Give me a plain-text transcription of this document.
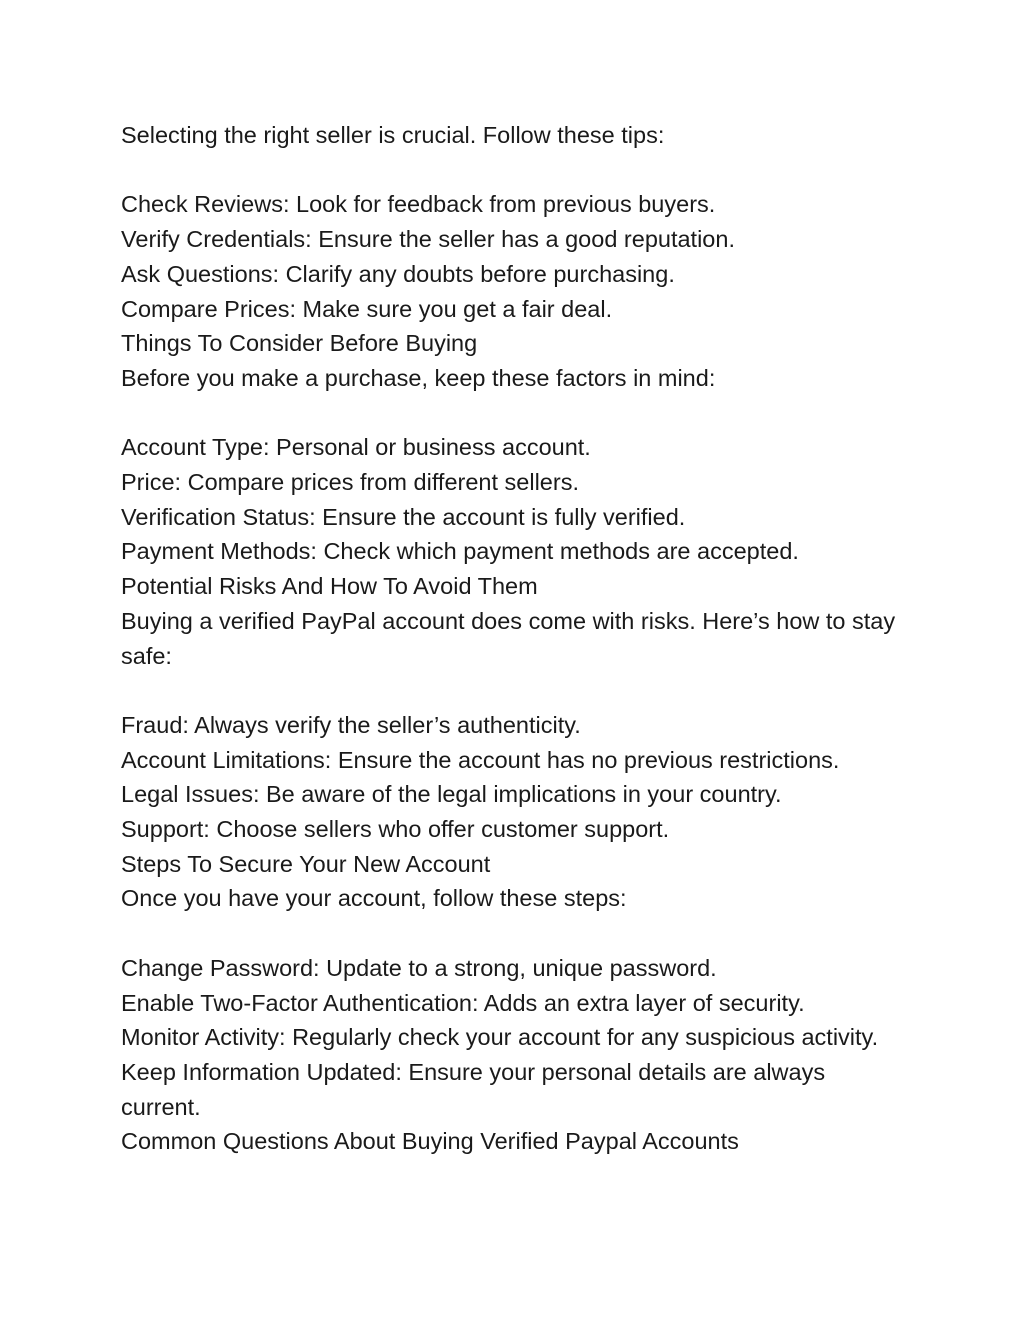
Selecting the right seller is crucial. Follow these tips:

Check Reviews: Look for feedback from previous buyers.

Verify Credentials: Ensure the seller has a good reputation.

Ask Questions: Clarify any doubts before purchasing.

Compare Prices: Make sure you get a fair deal.

Things To Consider Before Buying

Before you make a purchase, keep these factors in mind:

Account Type: Personal or business account.

Price: Compare prices from different sellers.

Verification Status: Ensure the account is fully verified.

Payment Methods: Check which payment methods are accepted.

Potential Risks And How To Avoid Them

Buying a verified PayPal account does come with risks. Here’s how to stay safe:

Fraud: Always verify the seller’s authenticity.

Account Limitations: Ensure the account has no previous restrictions.

Legal Issues: Be aware of the legal implications in your country.

Support: Choose sellers who offer customer support.

Steps To Secure Your New Account

Once you have your account, follow these steps:

Change Password: Update to a strong, unique password.

Enable Two-Factor Authentication: Adds an extra layer of security.

Monitor Activity: Regularly check your account for any suspicious activity.

Keep Information Updated: Ensure your personal details are always current.

Common Questions About Buying Verified Paypal Accounts
